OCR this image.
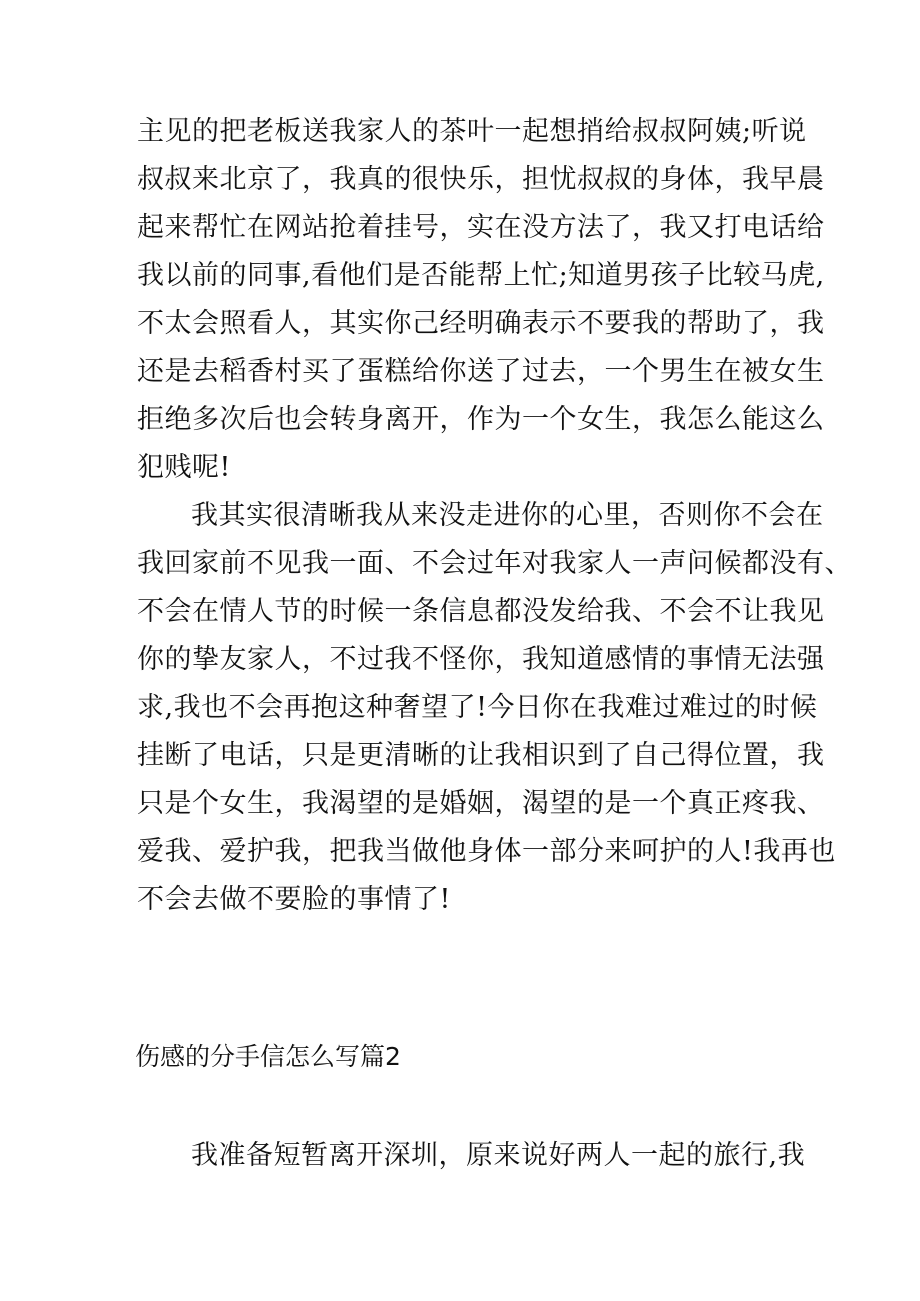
主见的把老板送我家人的茶叶一起想捎给叔叔阿姨;听说
叔叔来北京了，我真的很快乐，担忧叔叔的身体，我早晨
起来帮忙在网站抢着挂号，实在没方法了，我又打电话给
我以前的同事,看他们是否能帮上忙;知道男孩子比较马虎,
不太会照看人，其实你己经明确表示不要我的帮助了，我
还是去稻香村买了蛋糕给你送了过去，一个男生在被女生
拒绝多次后也会转身离开，作为一个女生，我怎么能这么
犯贱呢!
我其实很清晰我从来没走进你的心里，否则你不会在
我回家前不见我一面、不会过年对我家人一声问候都没有、
不会在情人节的时候一条信息都没发给我、不会不让我见
你的挚友家人，不过我不怪你，我知道感情的事情无法强
求,我也不会再抱这种奢望了!今日你在我难过难过的时候
挂断了电话，只是更清晰的让我相识到了自己得位置，我
只是个女生，我渴望的是婚姻，渴望的是一个真正疼我、
爱我、爱护我，把我当做他身体一部分来呵护的人!我再也
不会去做不要脸的事情了!
伤感的分手信怎么写篇2
我准备短暂离开深圳，原来说好两人一起的旅行,我
